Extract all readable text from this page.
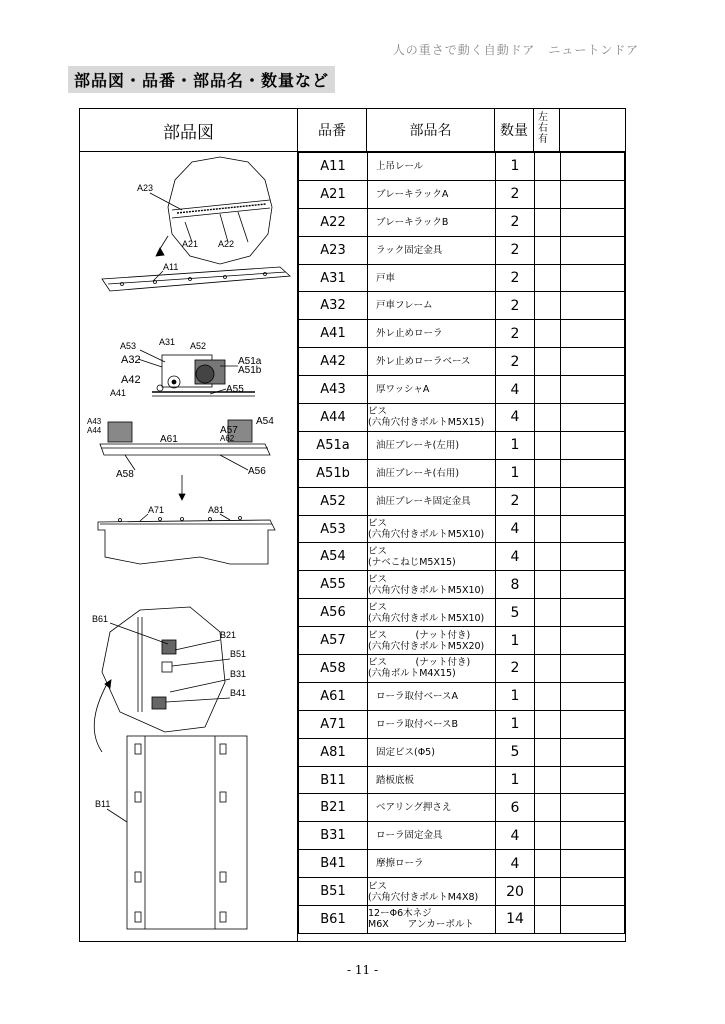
人の重さで動く自動ドア　ニュートンドア
部品図・品番・部品名・数量など
部品図	品番	部品名	数量
左
右
有
A23
A21 A22
A11
A53	A31 A52
A32	A51a
A51b
A42
A41	A55
A43
A44	A57
A62
A54
A61
A58	A56
A71	A81
B61
B21
B51
B31
B41
B11
A11	上吊レール	1		
A21	ブレーキラックA	2		
A22	ブレーキラックB	2		
A23	ラック固定金具	2		
A31	戸車	2		
A32	戸車フレーム	2		
A41	外レ止めローラ	2		
A42	外レ止めローラベース	2		
A43	厚ワッシャA	4		
A44	ビス
(六角穴付きボルトM5X15)	4		
A51a	油圧ブレーキ(左用)	1		
A51b	油圧ブレーキ(右用)	1		
A52	油圧ブレーキ固定金具	2		
A53	ビス
(六角穴付きボルトM5X10)	4		
A54	ビス
(ナベこねじM5X15)	4		
A55	ビス
(六角穴付きボルトM5X10)	8		
A56	ビス
(六角穴付きボルトM5X10)	5		
A57	ビス　　　(ナット付き)
(六角穴付きボルトM5X20)	1		
A58	ビス　　　(ナット付き)
(六角ボルトM4X15)	2		
A61	ローラ取付ベースA	1		
A71	ローラ取付ベースB	1		
A81	固定ビス(Φ5)	5		
B11	踏板底板	1		
B21	ベアリング押さえ	6		
B31	ローラ固定金具	4		
B41	摩擦ローラ	4		
B51	ビス
(六角穴付きボルトM4X8)	20		
B61	12ーΦ6木ネジ
M6X　　アンカーボルト	14		
- 11 -
